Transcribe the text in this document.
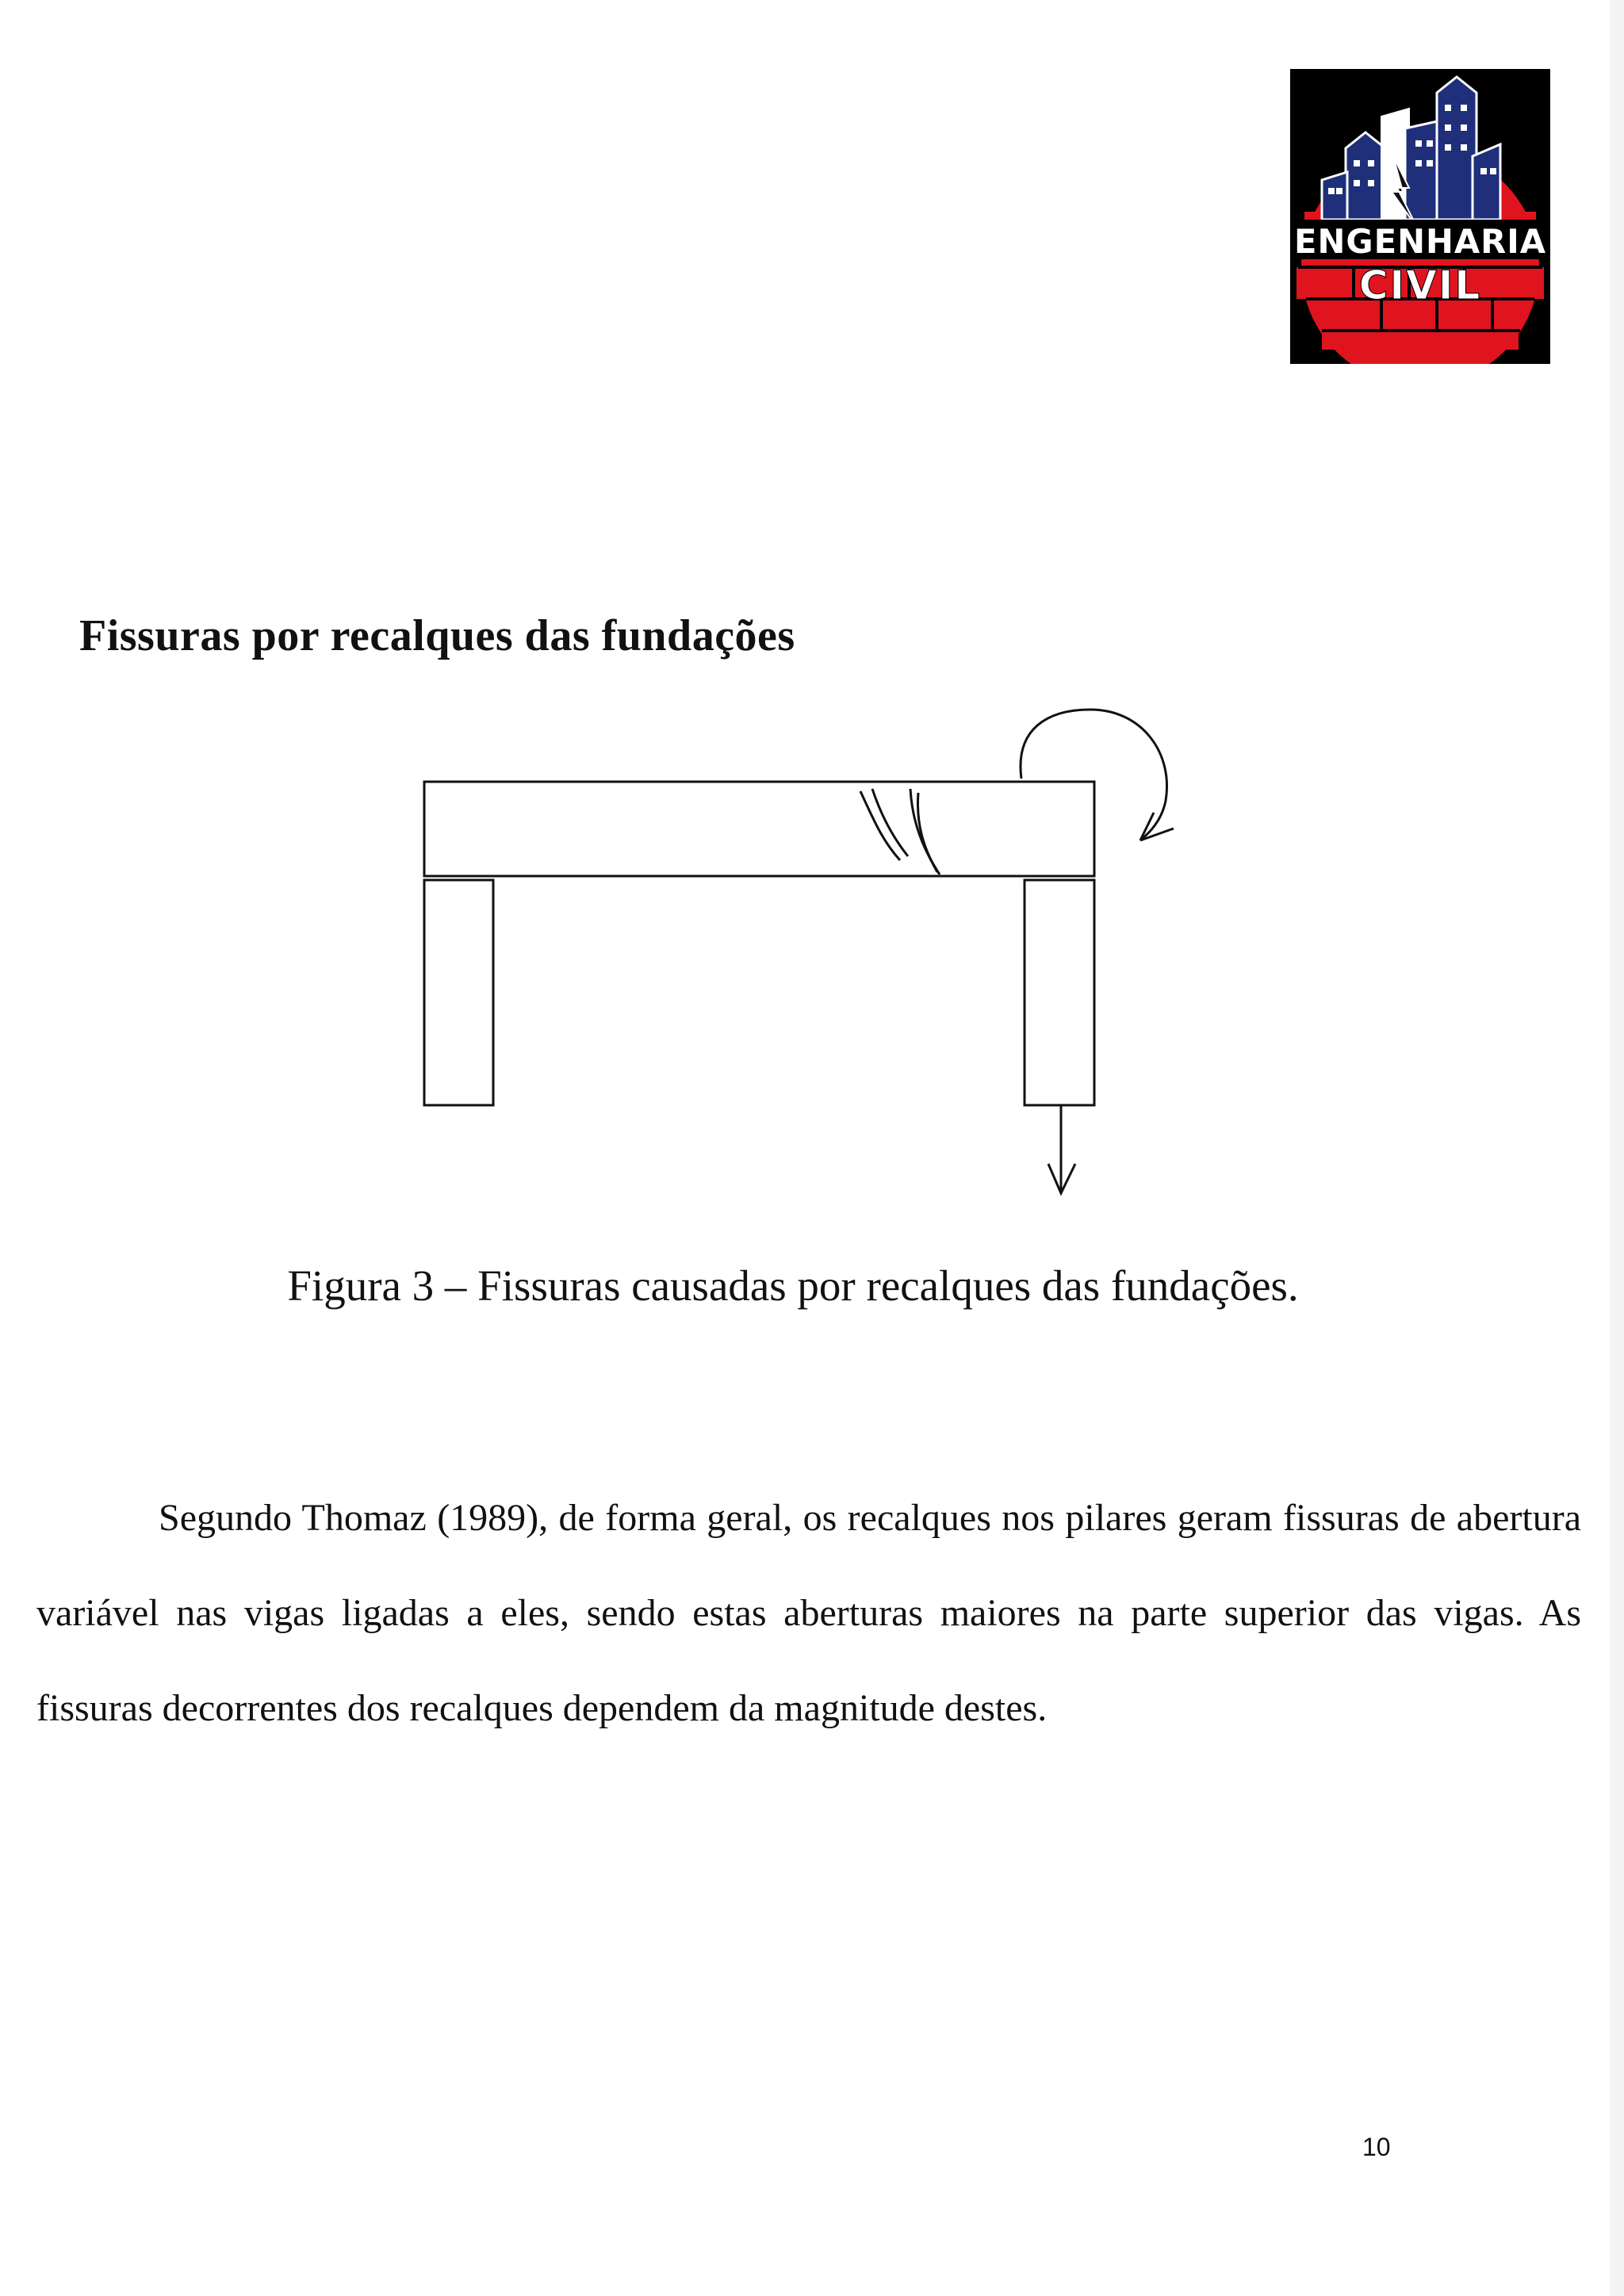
ENGENHARIA
CIVIL
Fissuras por recalques das fundações
Figura 3 – Fissuras causadas por recalques das fundações.

Segundo Thomaz (1989), de forma geral, os recalques nos pilares geram fissuras de abertura variável nas vigas ligadas a eles, sendo estas aberturas maiores na parte superior das vigas. As fissuras decorrentes dos recalques dependem da magnitude destes.

10
